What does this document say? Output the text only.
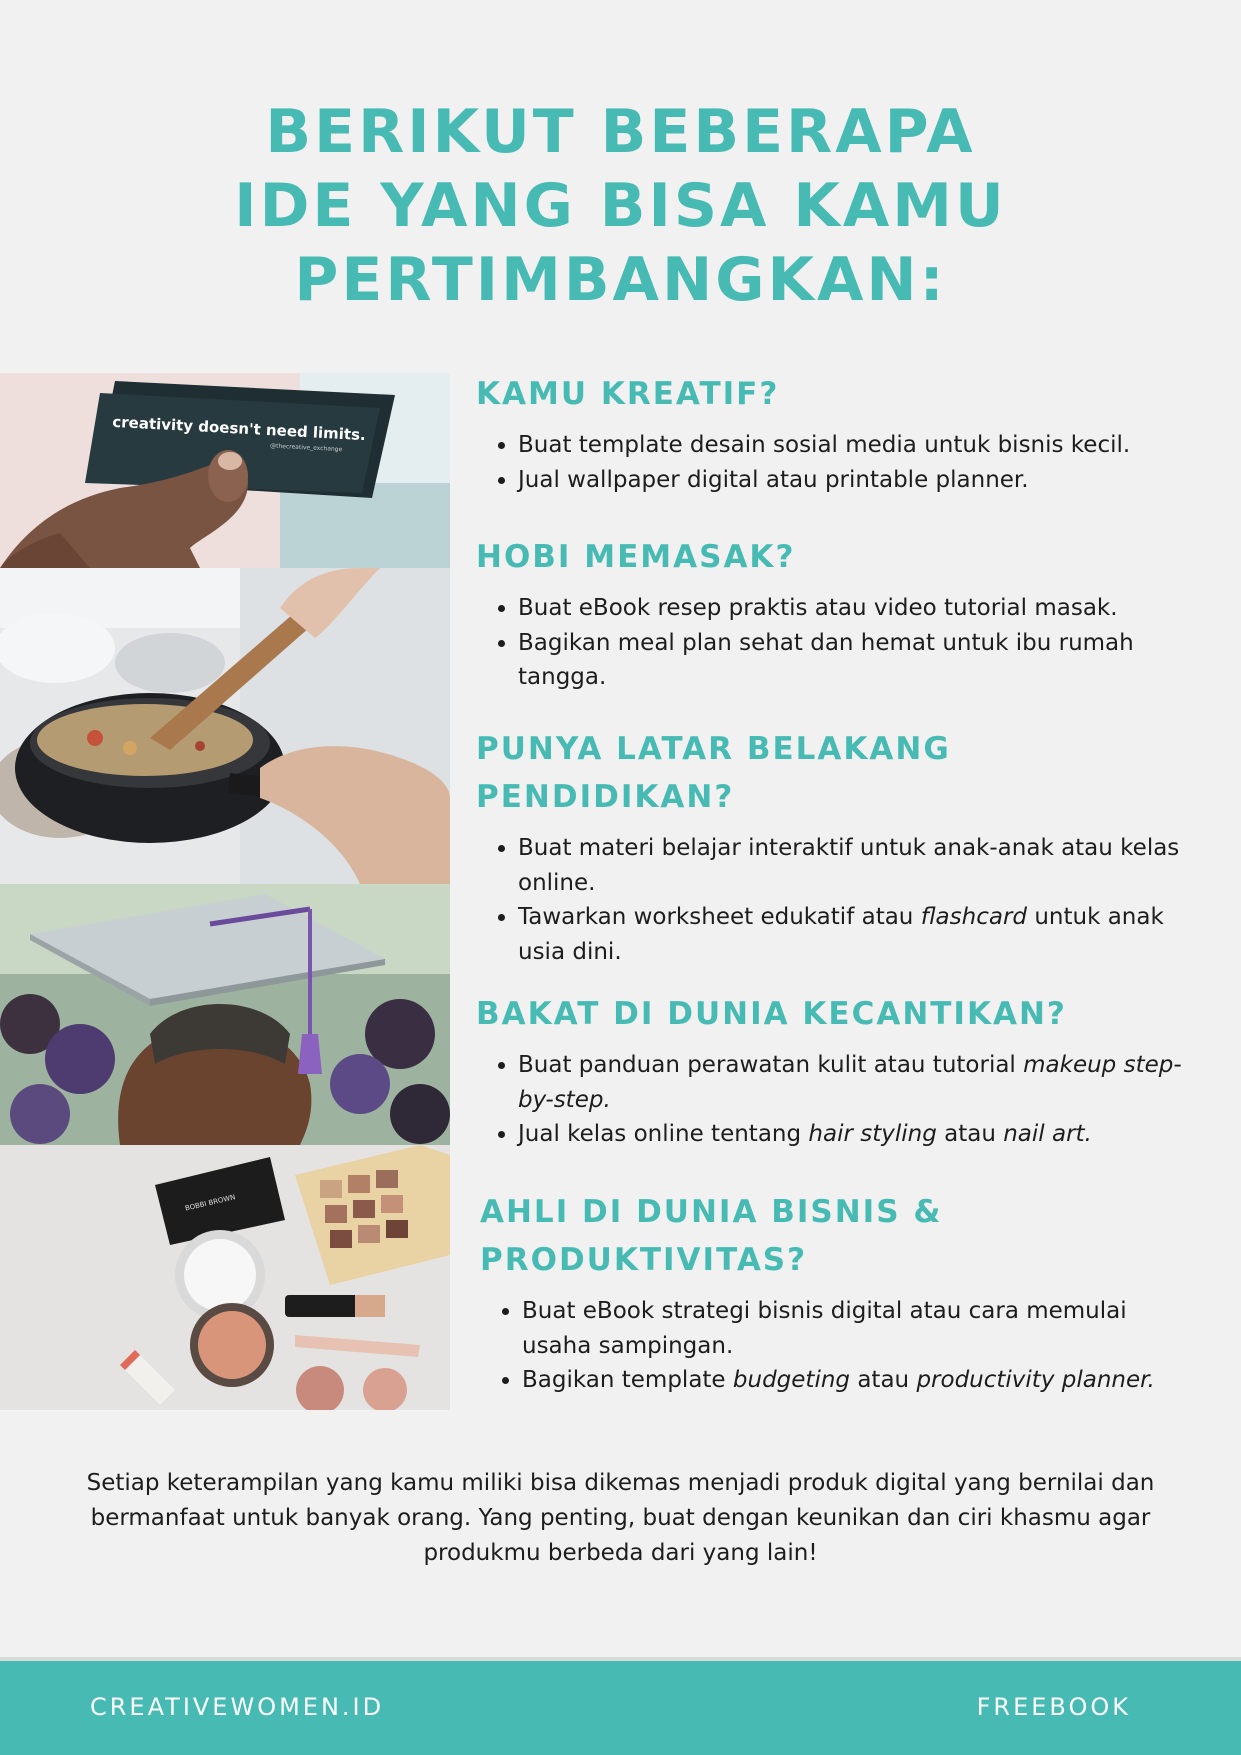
BERIKUT BEBERAPA
IDE YANG BISA KAMU
PERTIMBANGKAN:
creativity doesn't need limits.
@thecreative_exchange
BOBBI BROWN
KAMU KREATIF?
• Buat template desain sosial media untuk bisnis kecil.
• Jual wallpaper digital atau printable planner.
HOBI MEMASAK?
• Buat eBook resep praktis atau video tutorial masak.
• Bagikan meal plan sehat dan hemat untuk ibu rumah tangga.
PUNYA LATAR BELAKANG PENDIDIKAN?
• Buat materi belajar interaktif untuk anak-anak atau kelas online.
• Tawarkan worksheet edukatif atau flashcard untuk anak usia dini.
BAKAT DI DUNIA KECANTIKAN?
• Buat panduan perawatan kulit atau tutorial makeup step-by-step.
• Jual kelas online tentang hair styling atau nail art.
AHLI DI DUNIA BISNIS & PRODUKTIVITAS?
• Buat eBook strategi bisnis digital atau cara memulai usaha sampingan.
• Bagikan template budgeting atau productivity planner.

Setiap keterampilan yang kamu miliki bisa dikemas menjadi produk digital yang bernilai dan bermanfaat untuk banyak orang. Yang penting, buat dengan keunikan dan ciri khasmu agar produkmu berbeda dari yang lain!

CREATIVEWOMEN.ID	FREEBOOK
